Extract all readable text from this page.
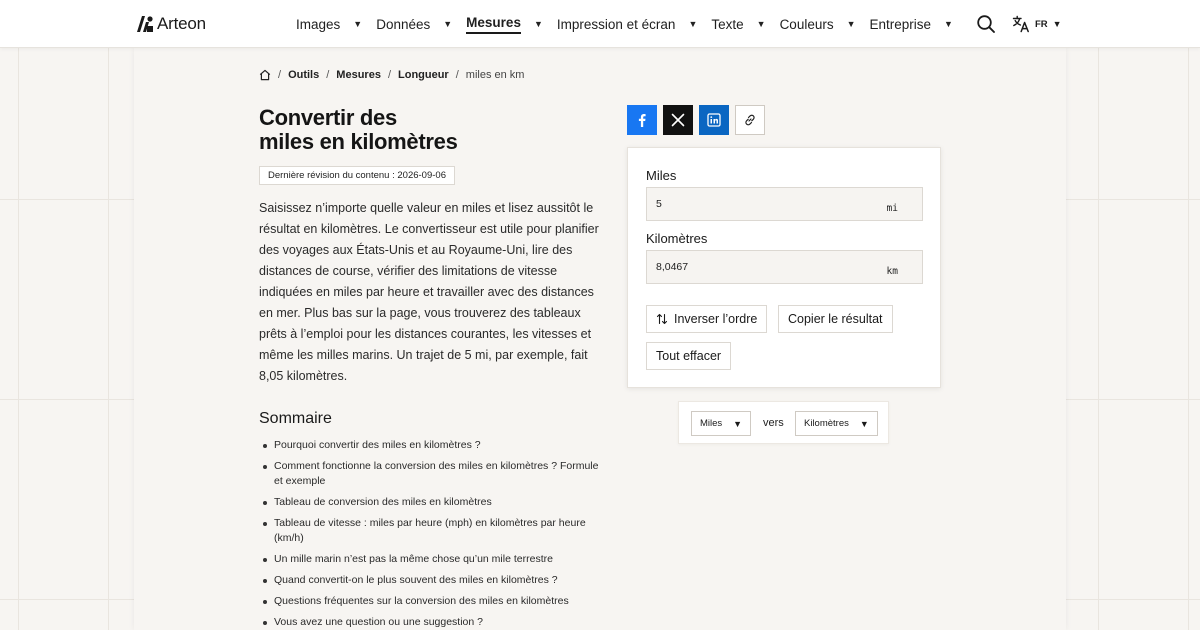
Arteon	Images ▼ Données ▼ Mesures ▼ Impression et écran ▼ Texte ▼ Couleurs ▼ Entreprise ▼	FR ▼
/ Outils / Mesures / Longueur / miles en km
Convertir des
miles en kilomètres
Dernière révision du contenu : 2026-09-06

Saisissez n’importe quelle valeur en miles et lisez aussitôt le résultat en kilomètres. Le convertisseur est utile pour planifier des voyages aux États-Unis et au Royaume-Uni, lire des distances de course, vérifier des limitations de vitesse indiquées en miles par heure et travailler avec des distances en mer. Plus bas sur la page, vous trouverez des tableaux prêts à l’emploi pour les distances courantes, les vitesses et même les milles marins. Un trajet de 5 mi, par exemple, fait 8,05 kilomètres.

Sommaire
Pourquoi convertir des miles en kilomètres ?
Comment fonctionne la conversion des miles en kilomètres ? Formule et exemple
Tableau de conversion des miles en kilomètres
Tableau de vitesse : miles par heure (mph) en kilomètres par heure (km/h)
Un mille marin n’est pas la même chose qu’un mile terrestre
Quand convertit-on le plus souvent des miles en kilomètres ?
Questions fréquentes sur la conversion des miles en kilomètres
Vous avez une question ou une suggestion ?
Miles
5
mi
Kilomètres
8,0467
km
Inverser l’ordre Copier le résultat
Tout effacer
Miles ▼ vers Kilomètres ▼
